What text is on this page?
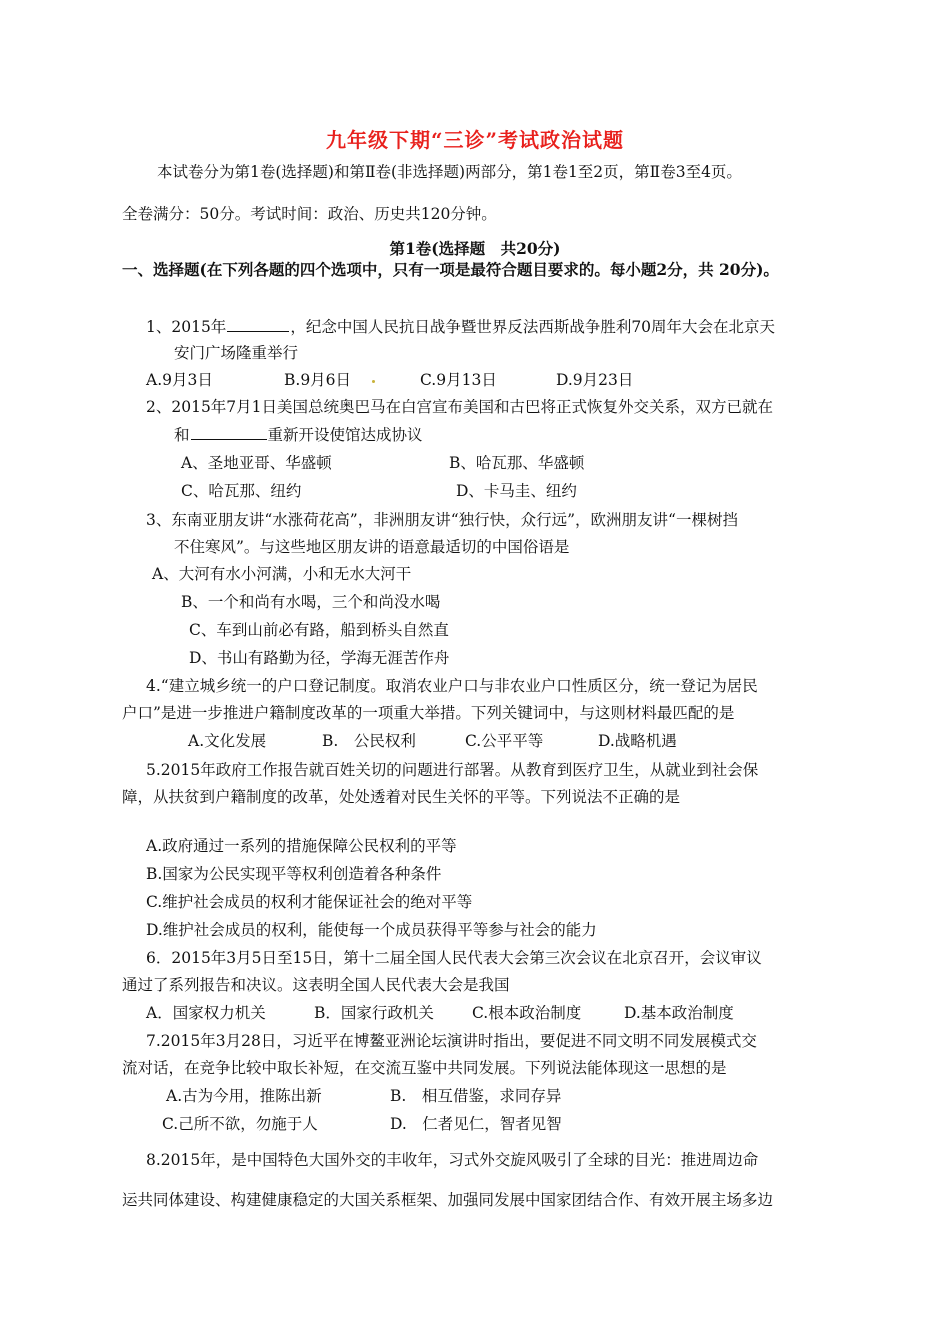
九年级下期“三诊”考试政治试题
本试卷分为第1卷(选择题)和第Ⅱ卷(非选择题)两部分，第1卷1至2页，第Ⅱ卷3至4页。
全卷满分：50分。考试时间：政治、历史共120分钟。
第1卷(选择题　共20分)
一、选择题(在下列各题的四个选项中，只有一项是最符合题目要求的。每小题2分，共 20分)。
1、2015年	，纪念中国人民抗日战争暨世界反法西斯战争胜利70周年大会在北京天
安门广场隆重举行
A.9月3日	B.9月6日	C.9月13日	D.9月23日
2、2015年7月1日美国总统奥巴马在白宫宣布美国和古巴将正式恢复外交关系，双方已就在
和	重新开设使馆达成协议
A、圣地亚哥、华盛顿	B、哈瓦那、华盛顿
C、哈瓦那、纽约	D、卡马圭、纽约
3、东南亚朋友讲“水涨荷花高”，非洲朋友讲“独行快，众行远”，欧洲朋友讲“一棵树挡
不住寒风”。与这些地区朋友讲的语意最适切的中国俗语是
A、大河有水小河满，小和无水大河干
B、一个和尚有水喝，三个和尚没水喝
C、车到山前必有路，船到桥头自然直
D、书山有路勤为径，学海无涯苦作舟
4.“建立城乡统一的户口登记制度。取消农业户口与非农业户口性质区分，统一登记为居民
户口”是进一步推进户籍制度改革的一项重大举措。下列关键词中，与这则材料最匹配的是
A.文化发展	B.　公民权利	C.公平平等	D.战略机遇
5.2015年政府工作报告就百姓关切的问题进行部署。从教育到医疗卫生，从就业到社会保
障，从扶贫到户籍制度的改革，处处透着对民生关怀的平等。下列说法不正确的是
A.政府通过一系列的措施保障公民权利的平等
B.国家为公民实现平等权利创造着各种条件
C.维护社会成员的权利才能保证社会的绝对平等
D.维护社会成员的权利，能使每一个成员获得平等参与社会的能力
6．2015年3月5日至15日，第十二届全国人民代表大会第三次会议在北京召开，会议审议
通过了系列报告和决议。这表明全国人民代表大会是我国
A．国家权力机关	B．国家行政机关 C.根本政治制度	D.基本政治制度
7.2015年3月28日，习近平在博鳌亚洲论坛演讲时指出，要促进不同文明不同发展模式交
流对话，在竞争比较中取长补短，在交流互鉴中共同发展。下列说法能体现这一思想的是
A.古为今用，推陈出新	B.　相互借鉴，求同存异
C.己所不欲，勿施于人	D.　仁者见仁，智者见智
8.2015年，是中国特色大国外交的丰收年，习式外交旋风吸引了全球的目光：推进周边命
运共同体建设、构建健康稳定的大国关系框架、加强同发展中国家团结合作、有效开展主场多边
